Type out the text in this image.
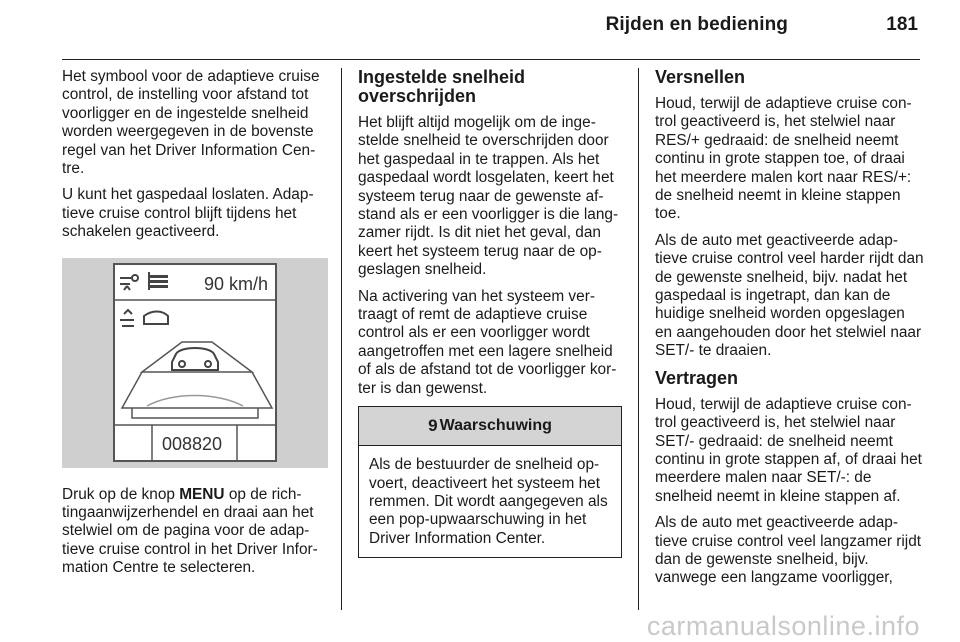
Rijden en bediening	181

Het symbool voor de adaptieve cruise control, de instelling voor afstand tot voorligger en de ingestelde snelheid worden weergegeven in de bovenste regel van het Driver Information Centre.

U kunt het gaspedaal loslaten. Adaptieve cruise control blijft tijdens het schakelen geactiveerd.

90 km/h
008820

Druk op de knop MENU op de richtingaanwijzerhendel en draai aan het stelwiel om de pagina voor de adaptieve cruise control in het Driver Information Centre te selecteren.

Ingestelde snelheid overschrijden

Het blijft altijd mogelijk om de ingestelde snelheid te overschrijden door het gaspedaal in te trappen. Als het gaspedaal wordt losgelaten, keert het systeem terug naar de gewenste afstand als er een voorligger is die langzamer rijdt. Is dit niet het geval, dan keert het systeem terug naar de opgeslagen snelheid.

Na activering van het systeem vertraagt of remt de adaptieve cruise control als er een voorligger wordt aangetroffen met een lagere snelheid of als de afstand tot de voorligger korter is dan gewenst.

9 Waarschuwing
Als de bestuurder de snelheid opvoert, deactiveert het systeem het remmen. Dit wordt aangegeven als een pop-upwaarschuwing in het Driver Information Center.

Versnellen

Houd, terwijl de adaptieve cruise control geactiveerd is, het stelwiel naar RES/+ gedraaid: de snelheid neemt continu in grote stappen toe, of draai het meerdere malen kort naar RES/+: de snelheid neemt in kleine stappen toe.

Als de auto met geactiveerde adaptieve cruise control veel harder rijdt dan de gewenste snelheid, bijv. nadat het gaspedaal is ingetrapt, dan kan de huidige snelheid worden opgeslagen en aangehouden door het stelwiel naar SET/- te draaien.

Vertragen

Houd, terwijl de adaptieve cruise control geactiveerd is, het stelwiel naar SET/- gedraaid: de snelheid neemt continu in grote stappen af, of draai het meerdere malen naar SET/-: de snelheid neemt in kleine stappen af.

Als de auto met geactiveerde adaptieve cruise control veel langzamer rijdt dan de gewenste snelheid, bijv. vanwege een langzame voorligger,

carmanualsonline.info
